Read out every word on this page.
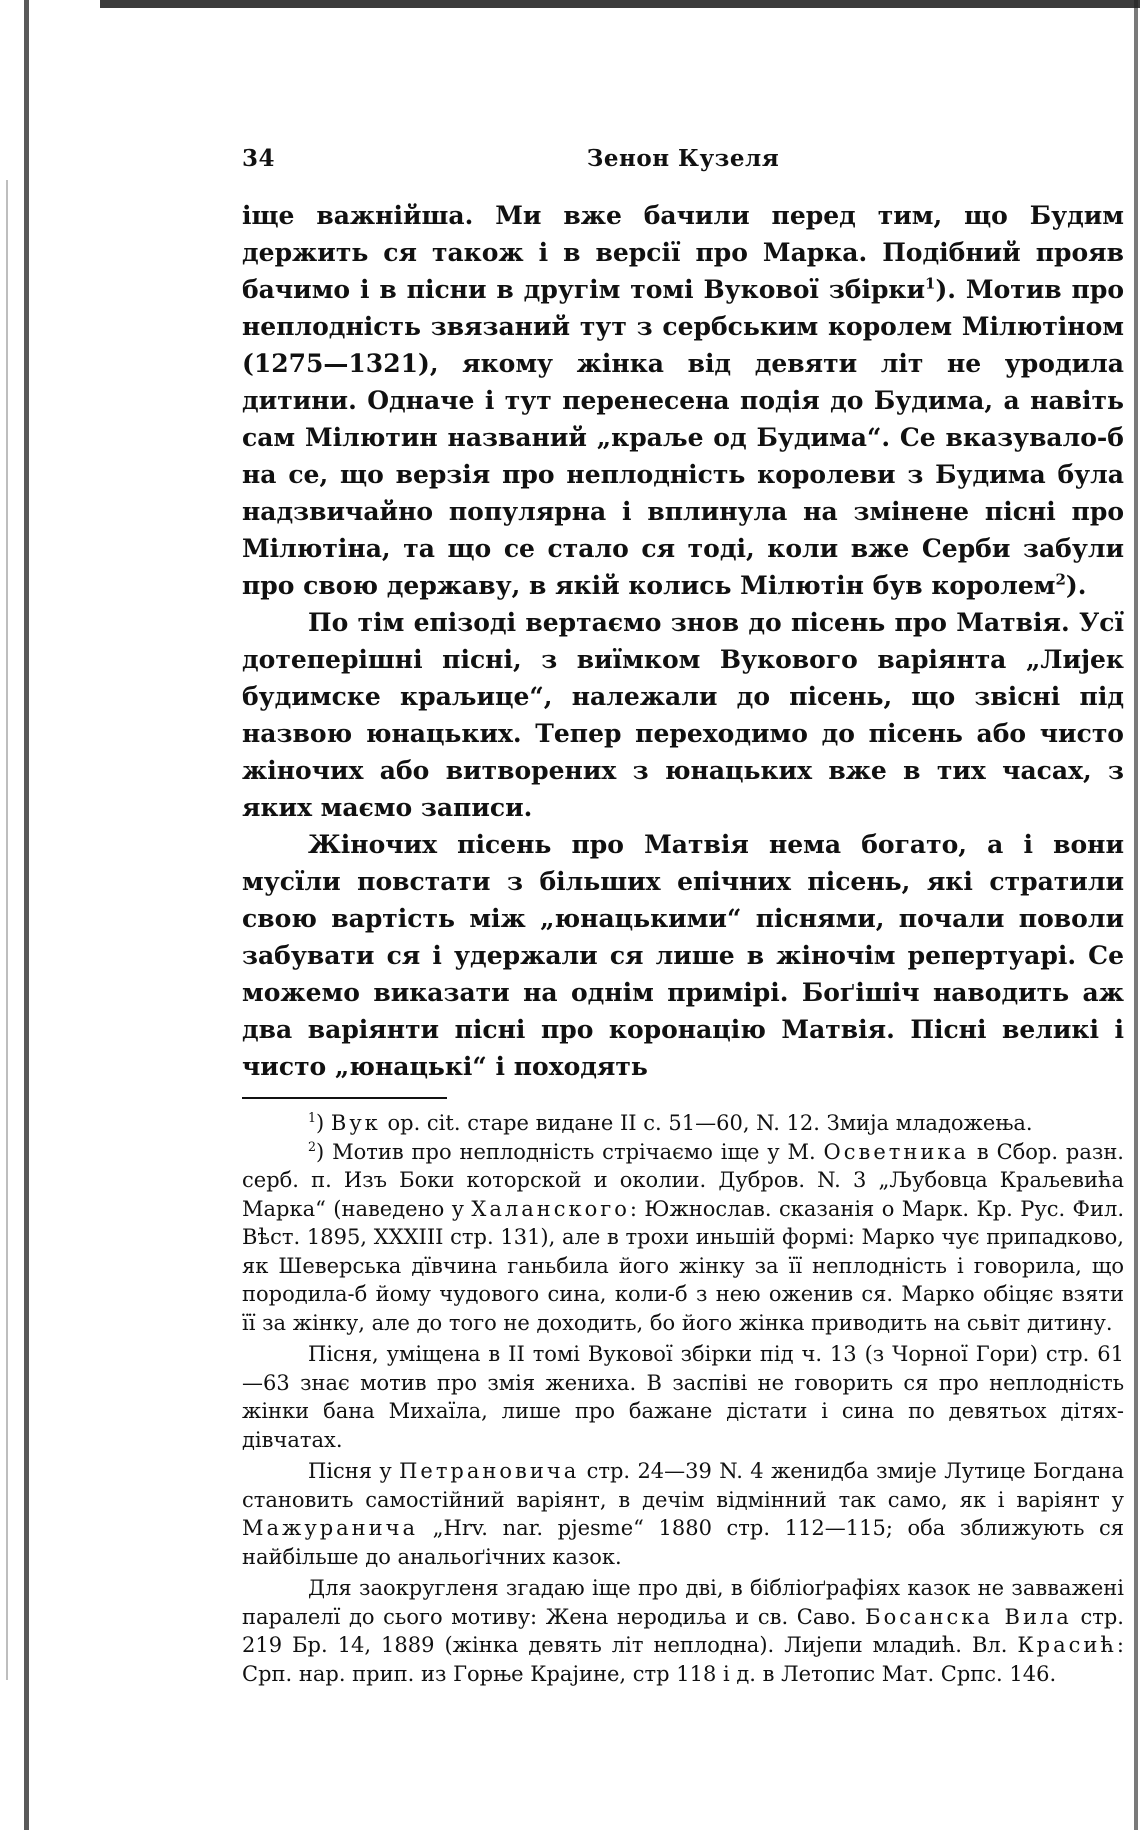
34	Зенон Кузеля

іще важнійша. Ми вже бачили перед тим, що Будим держить ся також і в версії про Марка. Подібний прояв бачимо і в пісни в другім томі Вукової збірки$^1$). Мотив про неплодність звязаний тут з сербським королем Мілютіном (1275—1321), якому жінка від девяти літ не уродила дитини. Одначе і тут перенесена подія до Будима, а навіть сам Мілютин названий „краљe од Будима“. Се вказувало-б на се, що верзія про неплодність королеви з Будима була надзвичайно популярна і вплинула на змінене пісні про Мілютіна, та що се стало ся тоді, коли вже Серби забули про свою державу, в якій колись Мілютін був королем$^2$).

По тім епізоді вертаємо знов до пісень про Матвія. Усї дотеперішні пісні, з виїмком Вукового варіянта „Лијек будимске краљице“, належали до пісень, що звісні під назвою юнацьких. Тепер переходимо до пісень або чисто жіночих або витворених з юнацьких вже в тих часах, з яких маємо записи.

Жіночих пісень про Матвія нема богато, а і вони мусїли повстати з більших епічних пісень, які стратили свою вартість між „юнацькими“ піснями, почали поволи забувати ся і удержали ся лише в жіночім репертуарі. Се можемо виказати на однім примірі. Боґішіч наводить аж два варіянти пісні про коронацію Матвія. Пісні великі і чисто „юнацькі“ і походять

$^1$) Вук op. cit. старе видане II с. 51—60, N. 12. Змија младожења.

$^2$) Мотив про неплодність стрічаємо іще у М. Осветника в Сбор. разн. серб. п. Изъ Боки которской и околии. Дубров. N. 3 „Љубовца Краљевића Марка“ (наведено у Халанского: Южнослав. сказанія о Марк. Кр. Рус. Фил. Вѣст. 1895, XXXIII стр. 131), але в трохи иньшій формі: Марко чує припадково, як Шеверська дївчина ганьбила його жінку за її неплодність і говорила, що породила-б йому чудового сина, коли-б з нею оженив ся. Марко обіцяє взяти її за жінку, але до того не доходить, бо його жінка приводить на сьвіт дитину.

Пісня, уміщена в II томі Вукової збірки під ч. 13 (з Чорної Гори) стр. 61—63 знає мотив про змія жениха. В заспіві не говорить ся про неплодність жінки бана Михаїла, лише про бажане дістати і сина по девятьох дітях-дівчатах.

Пісня у Петрановича стр. 24—39 N. 4 женидба змије Лутице Богдана становить самостійний варіянт, в дечім відмінний так само, як і варіянт у Мажуранича „Hrv. nar. pjesme“ 1880 стр. 112—115; оба зближують ся найбільше до анальоґічних казок.

Для заокругленя згадаю іще про дві, в бібліоґрафіях казок не завважені паралелї до сього мотиву: Жена неродиља и св. Саво. Босанска Вила стр. 219 Бр. 14, 1889 (жінка девять літ неплодна). Лијепи младић. Вл. Красић: Срп. нар. прип. из Горње Крајине, стр 118 і д. в Летопис Мат. Српс. 146.
